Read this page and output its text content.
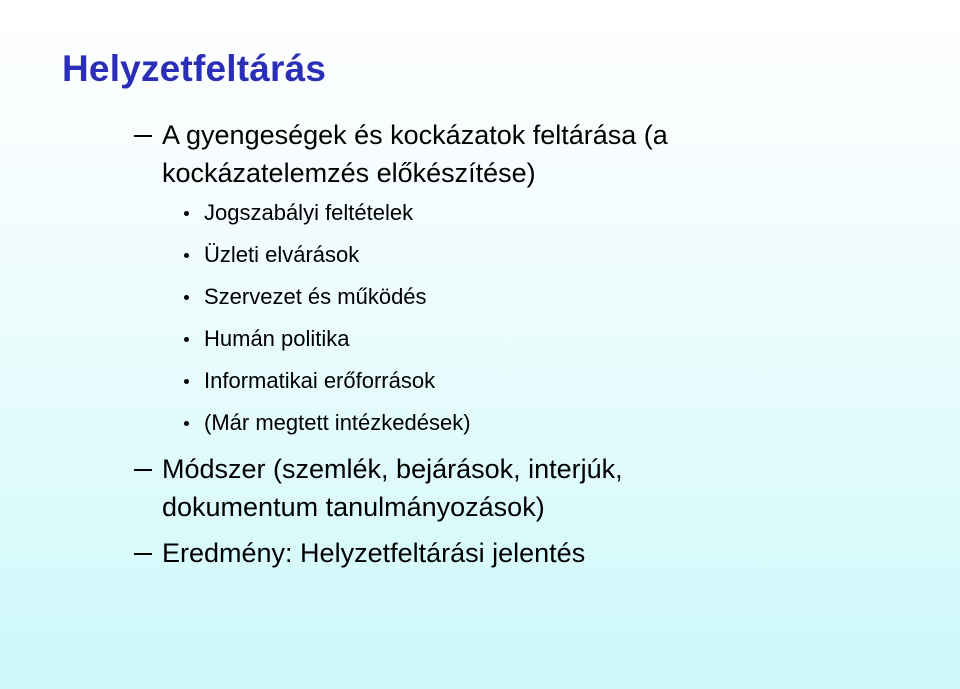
Helyzetfeltárás
A gyengeségek és kockázatok feltárása (a kockázatelemzés előkészítése)
Jogszabályi feltételek
Üzleti elvárások
Szervezet és működés
Humán politika
Informatikai erőforrások
(Már megtett intézkedések)
Módszer (szemlék, bejárások, interjúk, dokumentum tanulmányozások)
Eredmény: Helyzetfeltárási jelentés
